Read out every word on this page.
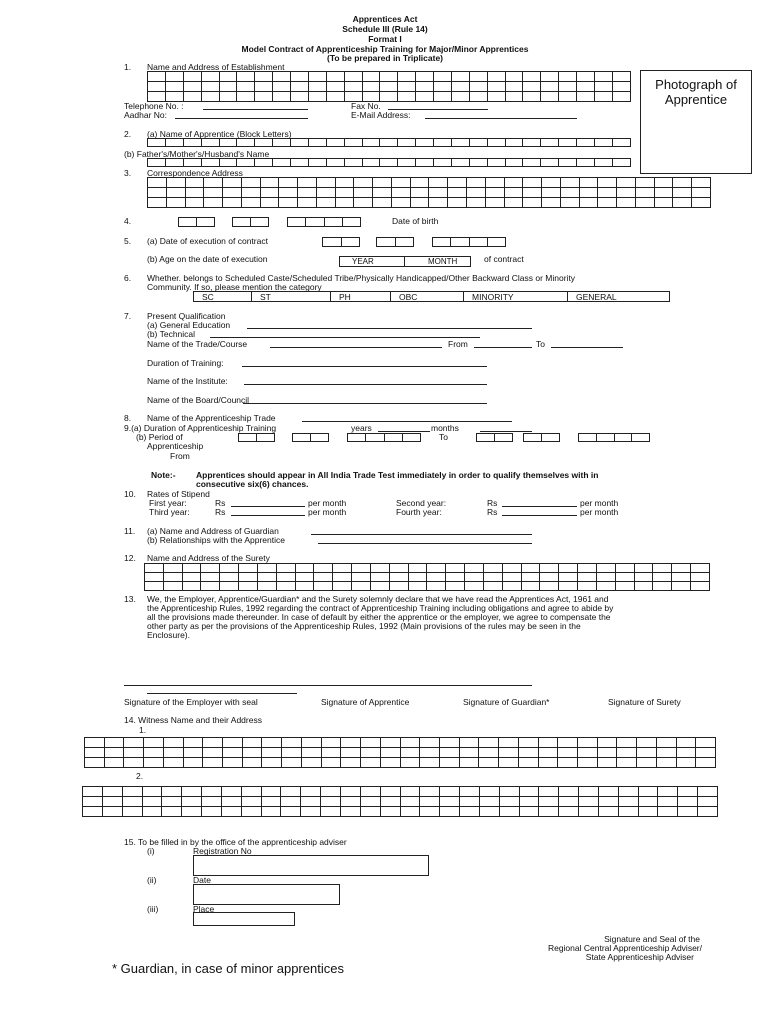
Apprentices Act
Schedule III (Rule 14)
Format I
Model Contract of Apprenticeship Training for Major/Minor Apprentices
(To be prepared in Triplicate)
Photograph of
Apprentice
1. Name and Address of Establishment

Telephone No. :	Fax No.
Aadhar No:	E-Mail Address:
2. (a) Name of Apprentice (Block Letters)

(b) Father's/Mother's/Husband's Name

3. Correspondence Address

4.

				Date of birth
5. (a) Date of execution of contract

(b) Age on the date of execution	YEAR	MONTH	of contract
6. Whether. belongs to Scheduled Caste/Scheduled Tribe/Physically Handicapped/Other Backward Class or Minority
Community. If so, please mention the category
SC	ST	PH	OBC	MINORITY	GENERAL
7. Present Qualification
(a) General Education
(b) Technical
Name of the Trade/Course	From	To
Duration of Training:
Name of the Institute:
Name of the Board/Council
8. Name of the Apprenticeship Trade
9.(a) Duration of Apprenticeship Training	years	months
(b) Period of
Apprenticeship
From

To

Note:- Apprentices should appear in All India Trade Test immediately in order to qualify themselves with in
consecutive six(6) chances.
10. Rates of Stipend
First year:	Rs	per month	Second year:	Rs	per month
Third year:	Rs	per month	Fourth year:	Rs	per month
11. (a) Name and Address of Guardian
(b) Relationships with the Apprentice
12. Name and Address of the Surety

13. We, the Employer, Apprentice/Guardian* and the Surety solemnly declare that we have read the Apprentices Act, 1961 and
the Apprenticeship Rules, 1992 regarding the contract of Apprenticeship Training including obligations and agree to abide by
all the provisions made thereunder. In case of default by either the apprentice or the employer, we agree to compensate the
other party as per the provisions of the Apprenticeship Rules, 1992 (Main provisions of the rules may be seen in the
Enclosure).
Signature of the Employer with seal	Signature of Apprentice	Signature of Guardian*	Signature of Surety
14. Witness Name and their Address
1.

2.

15. To be filled in by the office of the apprenticeship adviser
(i)	Registration No
(ii)	Date
(iii)	Place
Signature and Seal of the
Regional Central Apprenticeship Adviser/
State Apprenticeship Adviser
* Guardian, in case of minor apprentices
